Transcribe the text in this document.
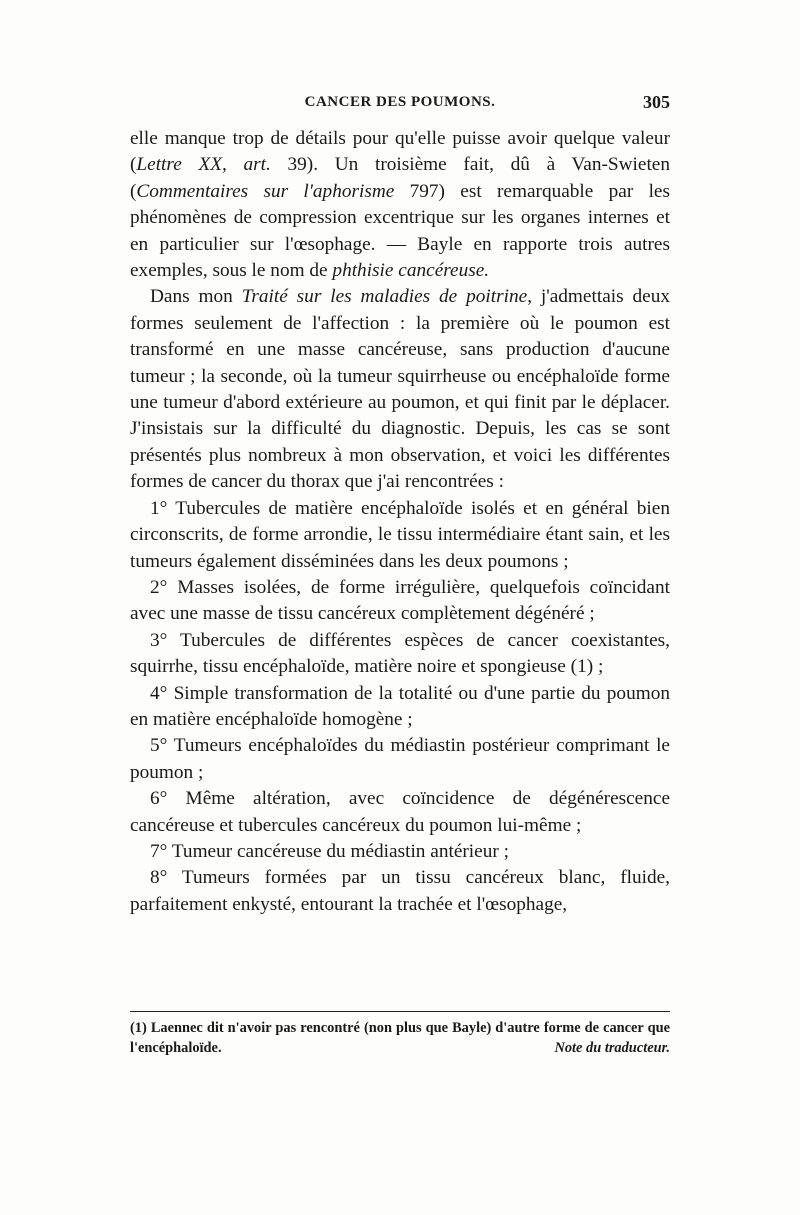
CANCER DES POUMONS.	305

elle manque trop de détails pour qu'elle puisse avoir quelque valeur (Lettre XX, art. 39). Un troisième fait, dû à Van-Swieten (Commentaires sur l'aphorisme 797) est remarquable par les phénomènes de compression excentrique sur les organes internes et en particulier sur l'œsophage. — Bayle en rapporte trois autres exemples, sous le nom de phthisie cancéreuse.

Dans mon Traité sur les maladies de poitrine, j'admettais deux formes seulement de l'affection : la première où le poumon est transformé en une masse cancéreuse, sans production d'aucune tumeur ; la seconde, où la tumeur squirrheuse ou encéphaloïde forme une tumeur d'abord extérieure au poumon, et qui finit par le déplacer. J'insistais sur la difficulté du diagnostic. Depuis, les cas se sont présentés plus nombreux à mon observation, et voici les différentes formes de cancer du thorax que j'ai rencontrées :

1° Tubercules de matière encéphaloïde isolés et en général bien circonscrits, de forme arrondie, le tissu intermédiaire étant sain, et les tumeurs également disséminées dans les deux poumons ;

2° Masses isolées, de forme irrégulière, quelquefois coïncidant avec une masse de tissu cancéreux complètement dégénéré ;

3° Tubercules de différentes espèces de cancer coexistantes, squirrhe, tissu encéphaloïde, matière noire et spongieuse (1) ;

4° Simple transformation de la totalité ou d'une partie du poumon en matière encéphaloïde homogène ;

5° Tumeurs encéphaloïdes du médiastin postérieur comprimant le poumon ;

6° Même altération, avec coïncidence de dégénérescence cancéreuse et tubercules cancéreux du poumon lui-même ;

7° Tumeur cancéreuse du médiastin antérieur ;

8° Tumeurs formées par un tissu cancéreux blanc, fluide, parfaitement enkysté, entourant la trachée et l'œsophage,

(1) Laennec dit n'avoir pas rencontré (non plus que Bayle) d'autre forme de cancer que l'encéphaloïde.	Note du traducteur.
